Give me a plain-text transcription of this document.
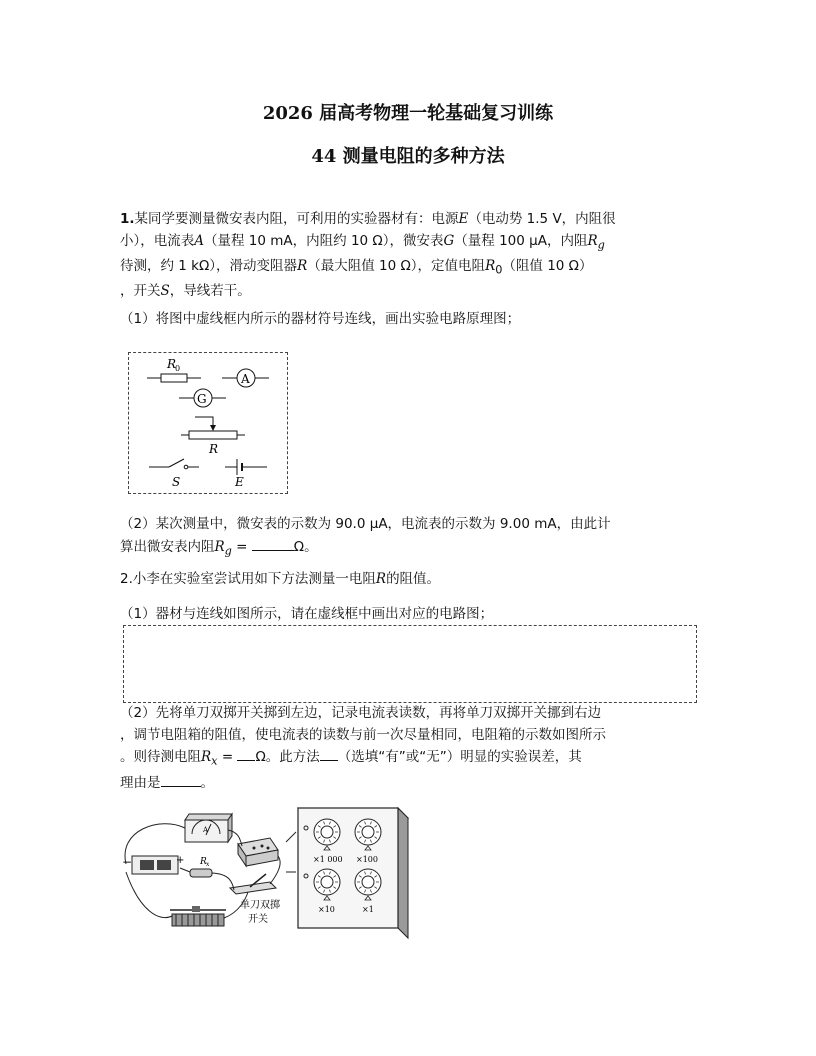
2026 届高考物理一轮基础复习训练
44 测量电阻的多种方法
1.某同学要测量微安表内阻，可利用的实验器材有：电源E（电动势 1.5 V，内阻很
小），电流表A（量程 10 mA，内阻约 10 Ω），微安表G（量程 100 μA，内阻$R_g$
待测，约 1 kΩ），滑动变阻器R（最大阻值 10 Ω），定值电阻$R_0$（阻值 10 Ω）
，开关S，导线若干。
（1）将图中虚线框内所示的器材符号连线，画出实验电路原理图；
R
0
A
G
R
S	E
（2）某次测量中，微安表的示数为 90.0 μA，电流表的示数为 9.00 mA，由此计
算出微安表内阻$R_g$ =	Ω。
2.小李在实验室尝试用如下方法测量一电阻R的阻值。
（1）器材与连线如图所示，请在虚线框中画出对应的电路图；
（2）先将单刀双掷开关掷到左边，记录电流表读数，再将单刀双掷开关挪到右边
，调节电阻箱的阻值，使电流表的读数与前一次尽量相同，电阻箱的示数如图所示
。则待测电阻$R_x = \Omega$。此方法 （选填“有”或“无”）明显的实验误差，其
理由是	。
A
−	+ R x
单刀双掷
开关
×1 000 ×100
×10	×1
